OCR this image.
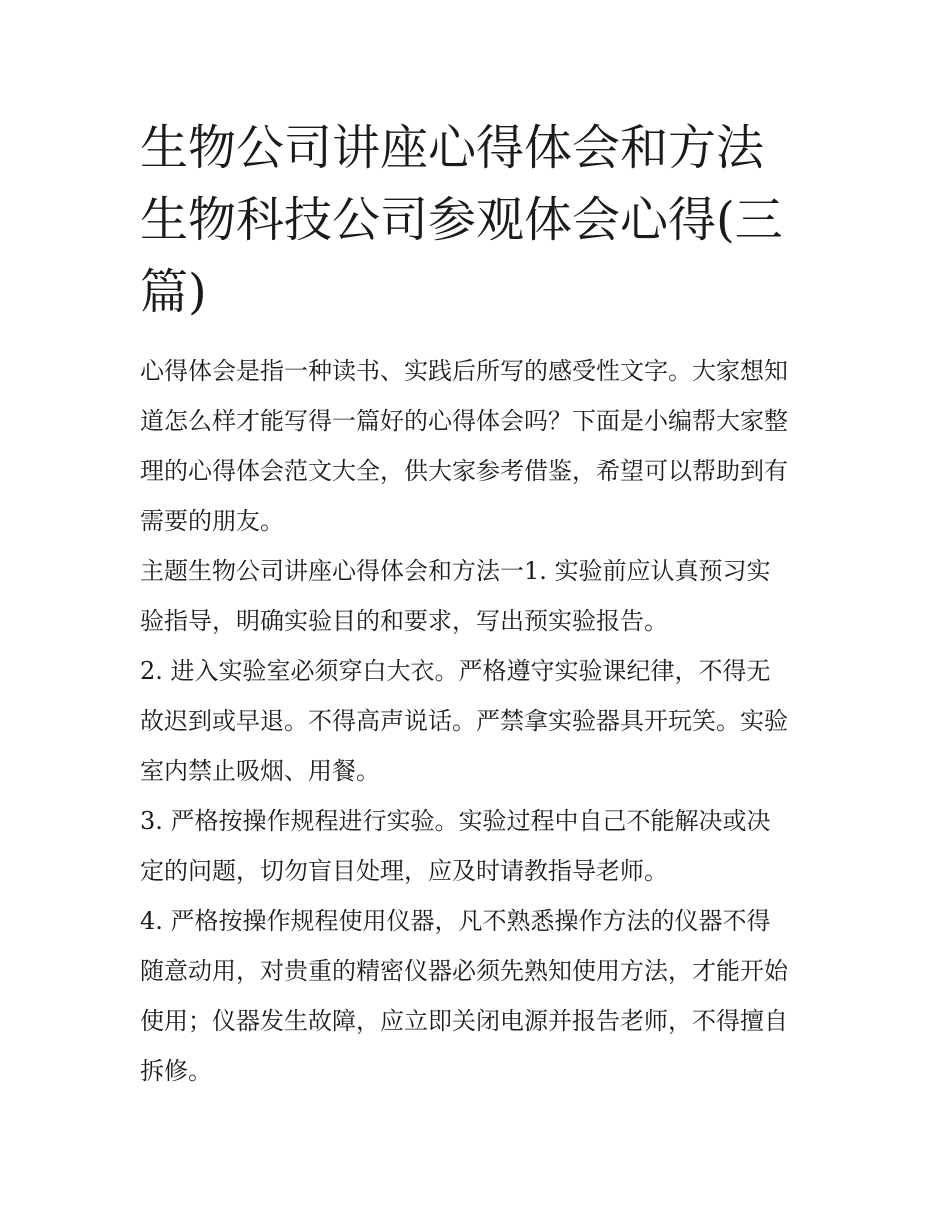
生物公司讲座心得体会和方法
生物科技公司参观体会心得(三
篇)

心得体会是指一种读书、实践后所写的感受性文字。大家想知
道怎么样才能写得一篇好的心得体会吗？下面是小编帮大家整
理的心得体会范文大全，供大家参考借鉴，希望可以帮助到有
需要的朋友。

主题生物公司讲座心得体会和方法一1. 实验前应认真预习实
验指导，明确实验目的和要求，写出预实验报告。

2. 进入实验室必须穿白大衣。严格遵守实验课纪律，不得无
故迟到或早退。不得高声说话。严禁拿实验器具开玩笑。实验
室内禁止吸烟、用餐。

3. 严格按操作规程进行实验。实验过程中自己不能解决或决
定的问题，切勿盲目处理，应及时请教指导老师。

4. 严格按操作规程使用仪器，凡不熟悉操作方法的仪器不得
随意动用，对贵重的精密仪器必须先熟知使用方法，才能开始
使用；仪器发生故障，应立即关闭电源并报告老师，不得擅自
拆修。
